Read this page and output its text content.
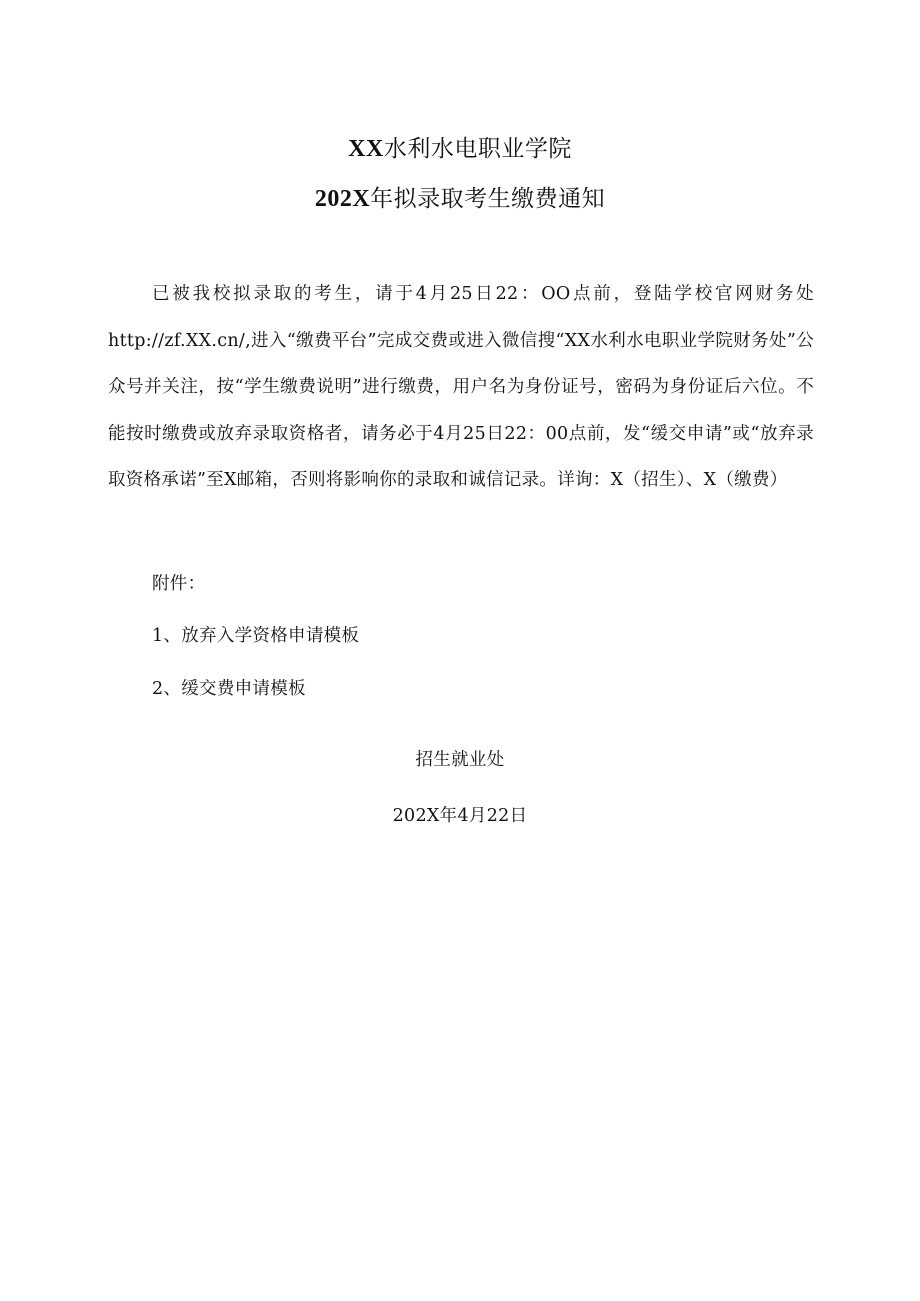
XX水利水电职业学院
202X年拟录取考生缴费通知

已被我校拟录取的考生，请于4月25日22：OO点前，登陆学校官网财务处http://zf.XX.cn/,进入“缴费平台”完成交费或进入微信搜“XX水利水电职业学院财务处”公众号并关注，按“学生缴费说明”进行缴费，用户名为身份证号，密码为身份证后六位。不能按时缴费或放弃录取资格者，请务必于4月25日22：00点前，发“缓交申请”或“放弃录取资格承诺”至X邮箱，否则将影响你的录取和诚信记录。详询：X（招生）、X（缴费）

附件：
1、放弃入学资格申请模板
2、缓交费申请模板
招生就业处
202X年4月22日
